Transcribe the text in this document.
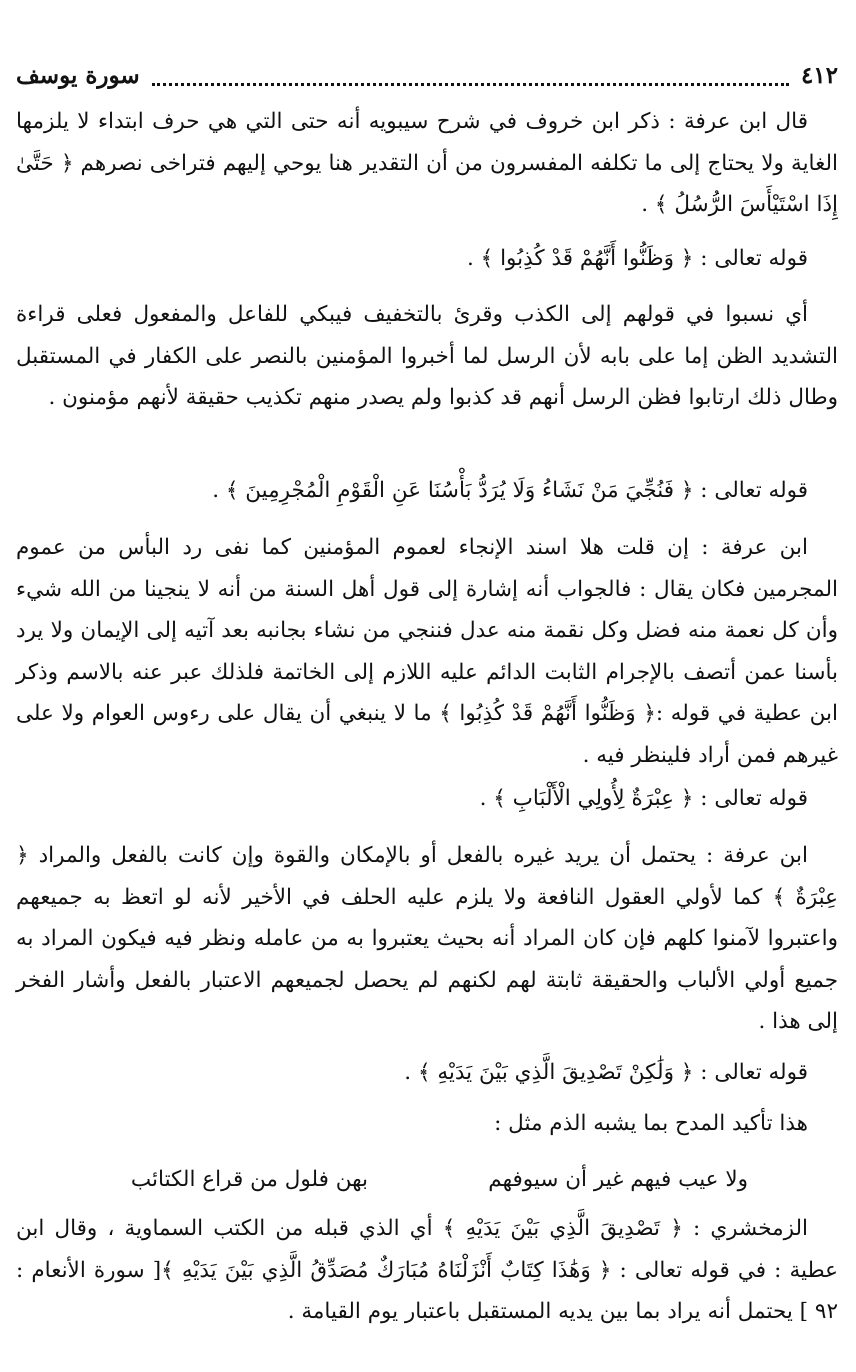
٤١٢
سورة يوسف

قال ابن عرفة : ذكر ابن خروف في شرح سيبويه أنه حتى التي هي حرف ابتداء لا يلزمها الغاية ولا يحتاج إلى ما تكلفه المفسرون من أن التقدير هنا يوحي إليهم فتراخى نصرهم ﴿ حَتَّىٰ إِذَا اسْتَيْأَسَ الرُّسُلُ ﴾ .

قوله تعالى : ﴿ وَظَنُّوا أَنَّهُمْ قَدْ كُذِبُوا ﴾ .

أي نسبوا في قولهم إلى الكذب وقرئ بالتخفيف فيبكي للفاعل والمفعول فعلى قراءة التشديد الظن إما على بابه لأن الرسل لما أخبروا المؤمنين بالنصر على الكفار في المستقبل وطال ذلك ارتابوا فظن الرسل أنهم قد كذبوا ولم يصدر منهم تكذيب حقيقة لأنهم مؤمنون .

قوله تعالى : ﴿ فَنُجِّيَ مَنْ نَشَاءُ وَلَا يُرَدُّ بَأْسُنَا عَنِ الْقَوْمِ الْمُجْرِمِينَ ﴾ .

ابن عرفة : إن قلت هلا اسند الإنجاء لعموم المؤمنين كما نفى رد البأس من عموم المجرمين فكان يقال : فالجواب أنه إشارة إلى قول أهل السنة من أنه لا ينجينا من الله شيء وأن كل نعمة منه فضل وكل نقمة منه عدل فننجي من نشاء بجانبه بعد آتيه إلى الإيمان ولا يرد بأسنا عمن أتصف بالإجرام الثابت الدائم عليه اللازم إلى الخاتمة فلذلك عبر عنه بالاسم وذكر ابن عطية في قوله :﴿ وَظَنُّوا أَنَّهُمْ قَدْ كُذِبُوا ﴾ ما لا ينبغي أن يقال على رءوس العوام ولا على غيرهم فمن أراد فلينظر فيه .

قوله تعالى : ﴿ عِبْرَةٌ لِأُولِي الْأَلْبَابِ ﴾ .

ابن عرفة : يحتمل أن يريد غيره بالفعل أو بالإمكان والقوة وإن كانت بالفعل والمراد ﴿ عِبْرَةٌ ﴾ كما لأولي العقول النافعة ولا يلزم عليه الحلف في الأخير لأنه لو اتعظ به جميعهم واعتبروا لآمنوا كلهم فإن كان المراد أنه بحيث يعتبروا به من عامله ونظر فيه فيكون المراد به جميع أولي الألباب والحقيقة ثابتة لهم لكنهم لم يحصل لجميعهم الاعتبار بالفعل وأشار الفخر إلى هذا .

قوله تعالى : ﴿ وَلَٰكِنْ تَصْدِيقَ الَّذِي بَيْنَ يَدَيْهِ ﴾ .

هذا تأكيد المدح بما يشبه الذم مثل :

ولا عيب فيهم غير أن سيوفهم
بهن فلول من قراع الكتائب

الزمخشري : ﴿ تَصْدِيقَ الَّذِي بَيْنَ يَدَيْهِ ﴾ أي الذي قبله من الكتب السماوية ، وقال ابن عطية : في قوله تعالى : ﴿ وَهَٰذَا كِتَابٌ أَنْزَلْنَاهُ مُبَارَكٌ مُصَدِّقُ الَّذِي بَيْنَ يَدَيْهِ ﴾[ سورة الأنعام : ٩٢ ] يحتمل أنه يراد بما بين يديه المستقبل باعتبار يوم القيامة .
